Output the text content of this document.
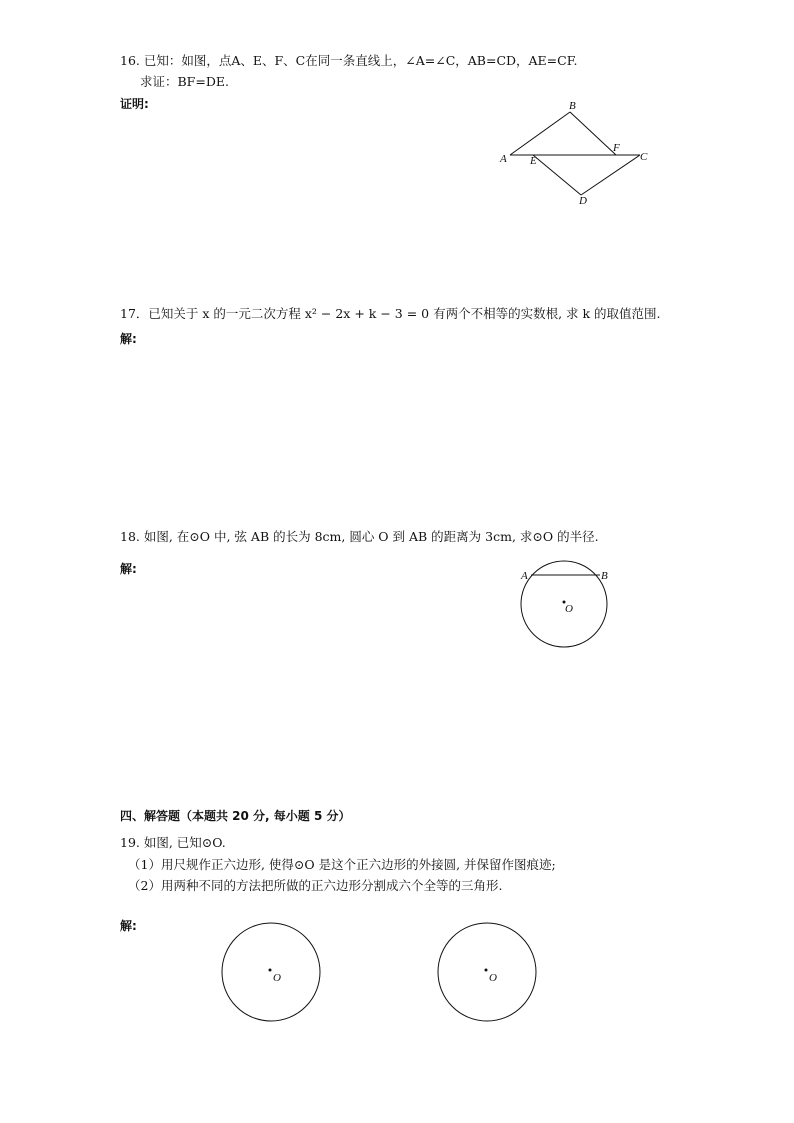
16. 已知：如图，点A、E、F、C在同一条直线上，∠A=∠C，AB=CD，AE=CF.
求证：BF=DE.
证明:
A
B
C
D
E
F
17．已知关于 x 的一元二次方程 x² − 2x + k − 3 = 0 有两个不相等的实数根, 求 k 的取值范围.
解:
18. 如图, 在⊙O 中, 弦 AB 的长为 8cm, 圆心 O 到 AB 的距离为 3cm, 求⊙O 的半径.
解:	A	B
O
四、解答题（本题共 20 分, 每小题 5 分）
19. 如图, 已知⊙O.
（1）用尺规作正六边形, 使得⊙O 是这个正六边形的外接圆, 并保留作图痕迹;
（2）用两种不同的方法把所做的正六边形分割成六个全等的三角形.
解:
O	O
